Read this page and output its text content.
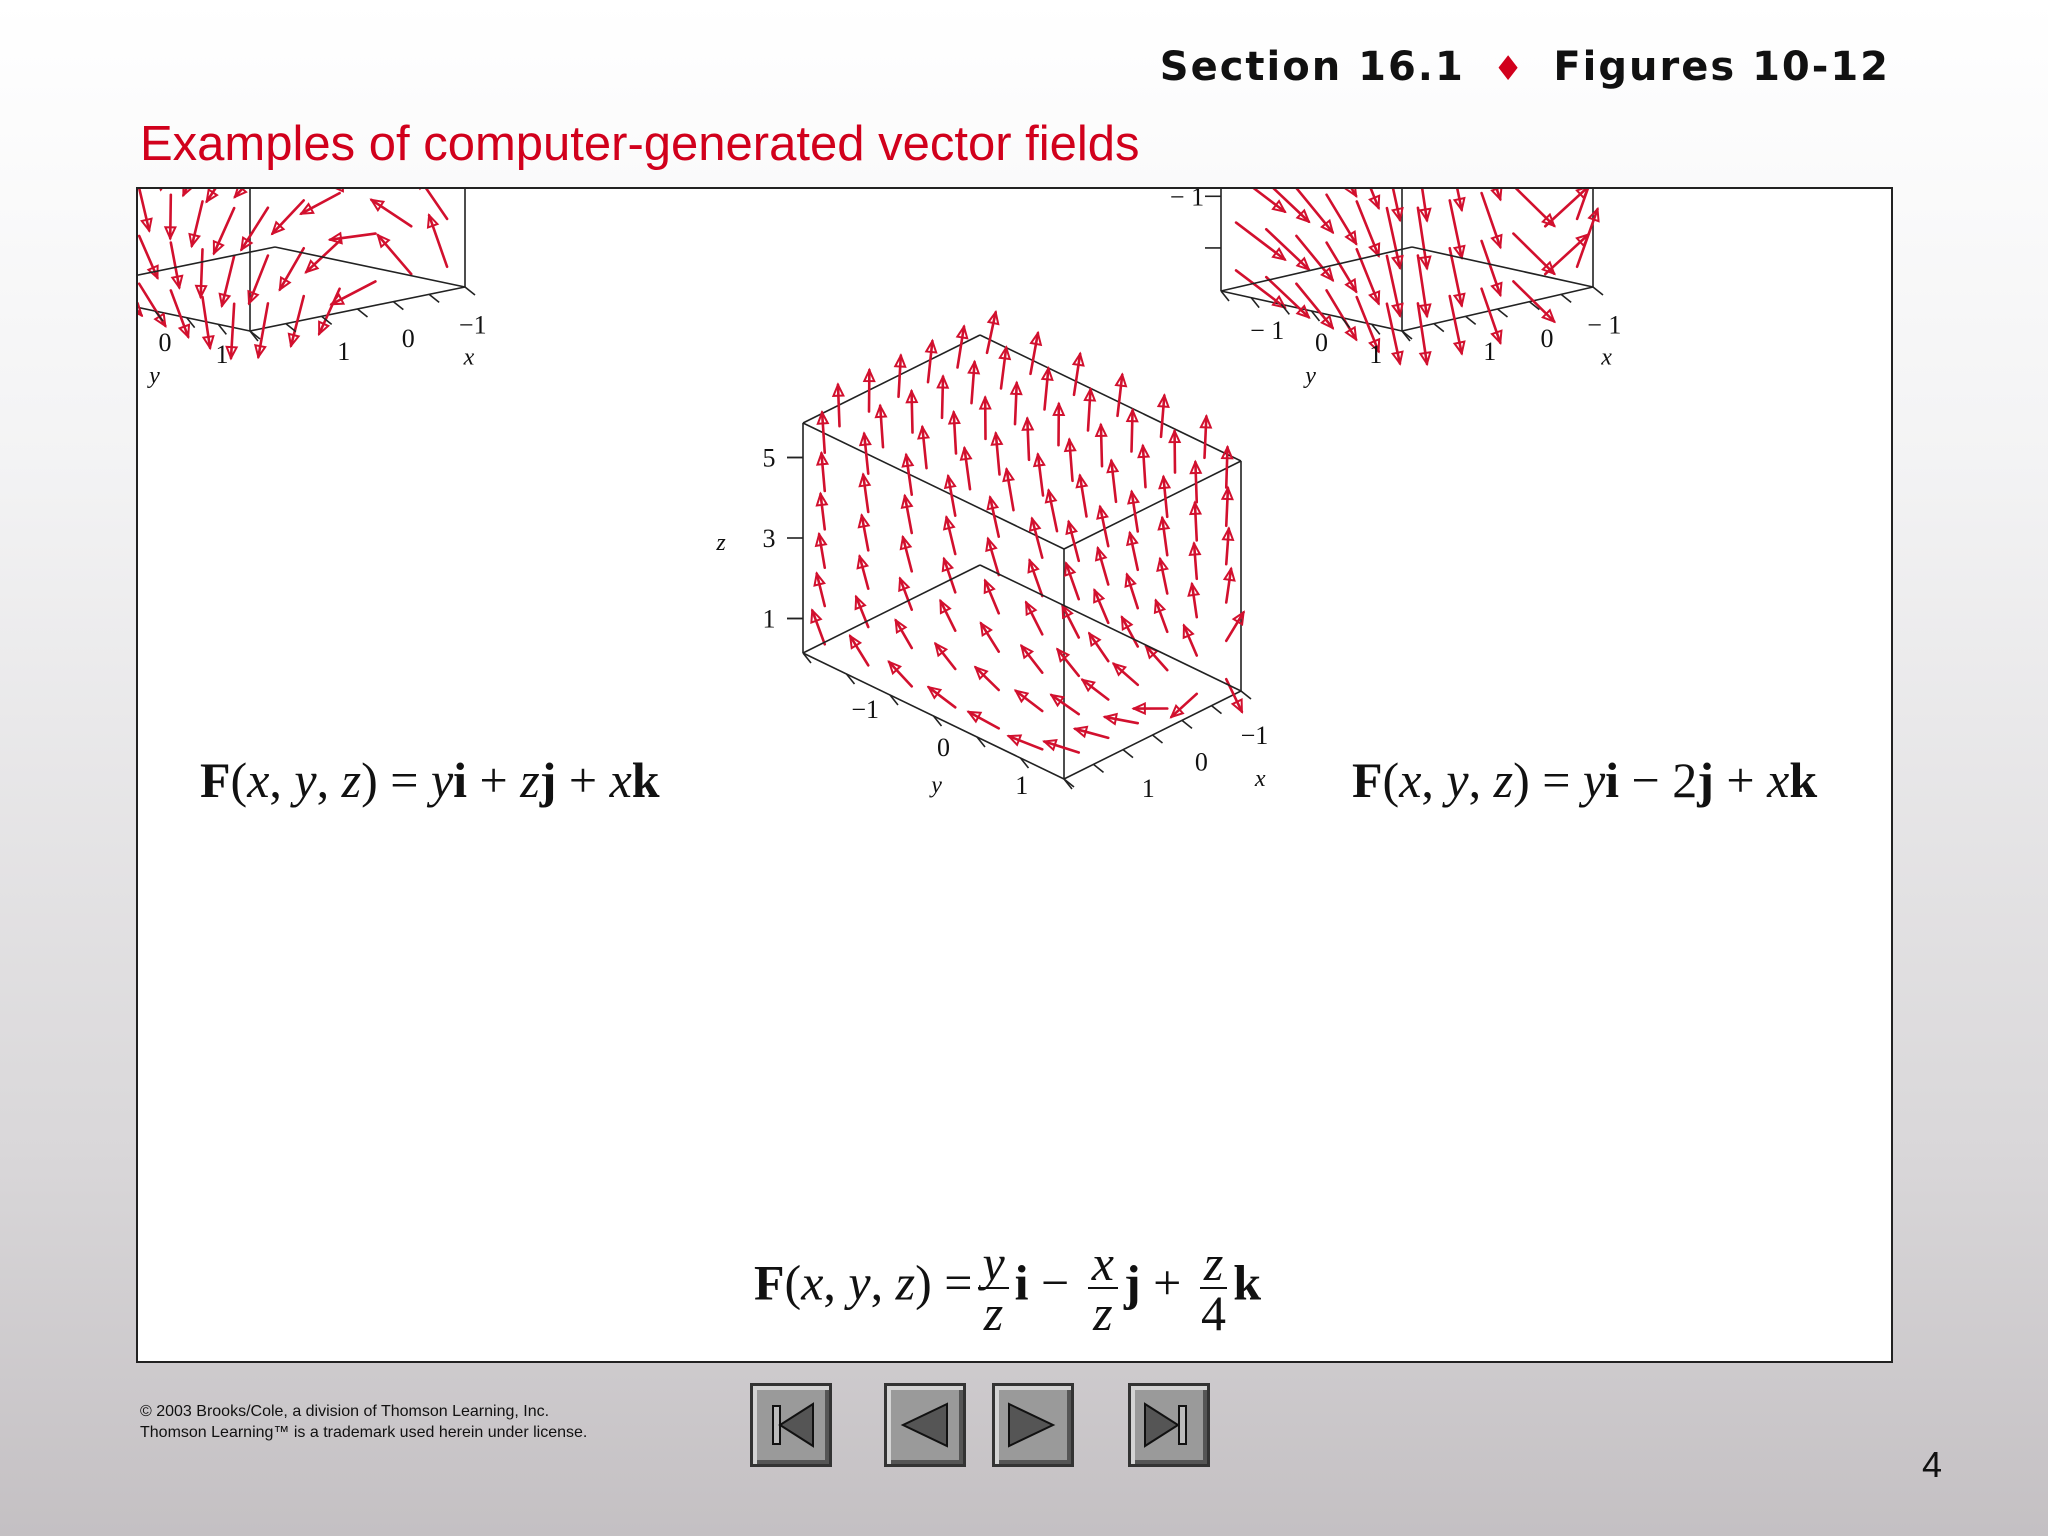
Section 16.1 ♦ Figures 10-12
Examples of computer-generated vector fields
0 1
y
1 0 −1
x
− 1
− 1 0 1
y
1 0 − 1
x
5
3
1
z
−1
0
1
y	1
0
−1
x
F(x, y, z) = yi + zj + xk	F(x, y, z) = yi − 2j + xk
F(x, y, $z) = \frac{y}{z}$ $i - \frac{x}{z}$ $j + \frac{z}{4}$ k
© 2003 Brooks/Cole, a division of Thomson Learning, Inc.
Thomson Learning™ is a trademark used herein under license.
4
